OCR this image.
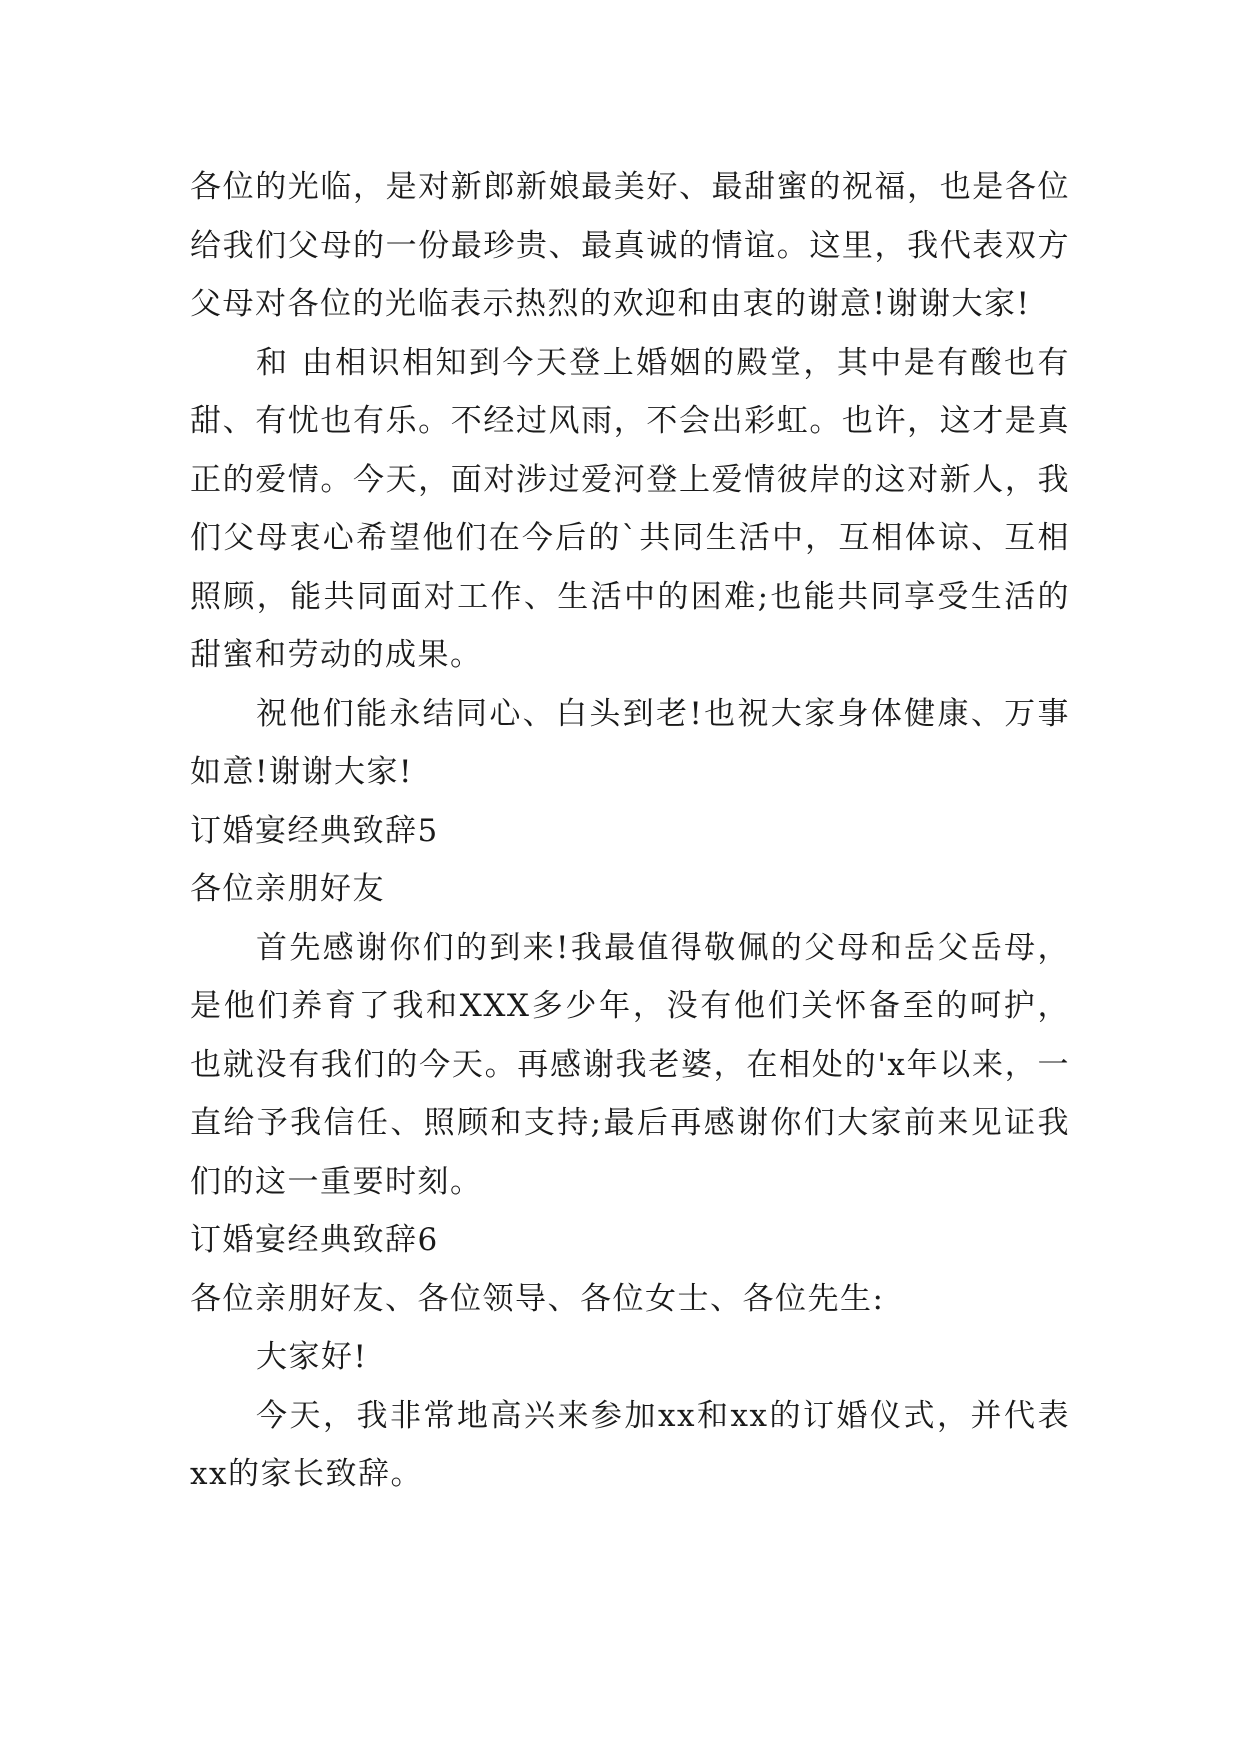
各位的光临，是对新郎新娘最美好、最甜蜜的祝福，也是各位给我们父母的一份最珍贵、最真诚的情谊。这里，我代表双方父母对各位的光临表示热烈的欢迎和由衷的谢意!谢谢大家!

和 由相识相知到今天登上婚姻的殿堂，其中是有酸也有甜、有忧也有乐。不经过风雨，不会出彩虹。也许，这才是真正的爱情。今天，面对涉过爱河登上爱情彼岸的这对新人，我们父母衷心希望他们在今后的`共同生活中，互相体谅、互相照顾，能共同面对工作、生活中的困难;也能共同享受生活的甜蜜和劳动的成果。

祝他们能永结同心、白头到老!也祝大家身体健康、万事如意!谢谢大家!

订婚宴经典致辞5

各位亲朋好友

首先感谢你们的到来!我最值得敬佩的父母和岳父岳母，是他们养育了我和XXX多少年，没有他们关怀备至的呵护，也就没有我们的今天。再感谢我老婆，在相处的'x年以来，一直给予我信任、照顾和支持;最后再感谢你们大家前来见证我们的这一重要时刻。

订婚宴经典致辞6

各位亲朋好友、各位领导、各位女士、各位先生:

大家好!

今天，我非常地高兴来参加xx和xx的订婚仪式，并代表xx的家长致辞。
